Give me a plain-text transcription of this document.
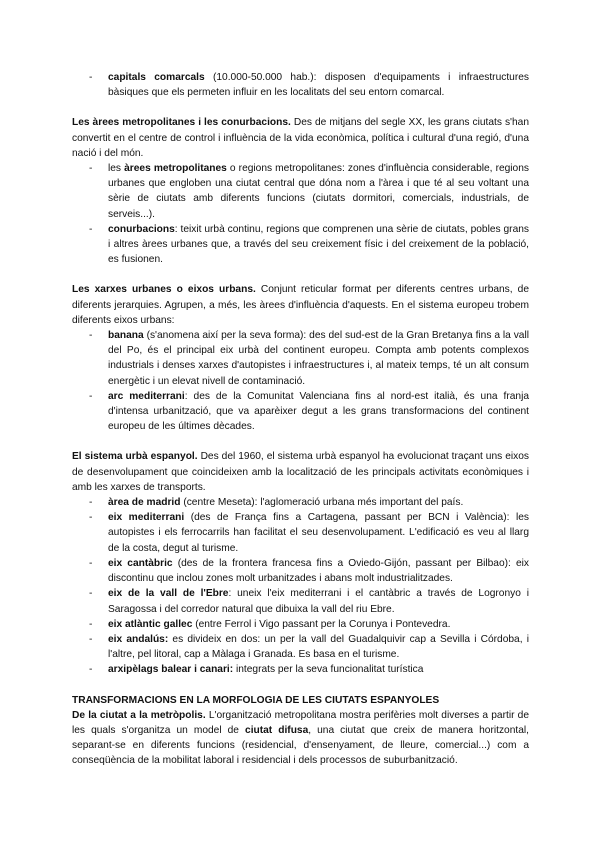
- capitals comarcals (10.000-50.000 hab.): disposen d'equipaments i infraestructures bàsiques que els permeten influir en les localitats del seu entorn comarcal.

Les àrees metropolitanes i les conurbacions. Des de mitjans del segle XX, les grans ciutats s'han convertit en el centre de control i influència de la vida econòmica, política i cultural d'una regió, d'una nació i del món.

- les àrees metropolitanes o regions metropolitanes: zones d'influència considerable, regions urbanes que engloben una ciutat central que dóna nom a l'àrea i que té al seu voltant una sèrie de ciutats amb diferents funcions (ciutats dormitori, comercials, industrials, de serveis...).
- conurbacions: teixit urbà continu, regions que comprenen una sèrie de ciutats, pobles grans i altres àrees urbanes que, a través del seu creixement físic i del creixement de la població, es fusionen.

Les xarxes urbanes o eixos urbans. Conjunt reticular format per diferents centres urbans, de diferents jerarquies. Agrupen, a més, les àrees d'influència d'aquests. En el sistema europeu trobem diferents eixos urbans:

- banana (s'anomena així per la seva forma): des del sud-est de la Gran Bretanya fins a la vall del Po, és el principal eix urbà del continent europeu. Compta amb potents complexos industrials i denses xarxes d'autopistes i infraestructures i, al mateix temps, té un alt consum energètic i un elevat nivell de contaminació.
- arc mediterrani: des de la Comunitat Valenciana fins al nord-est italià, és una franja d'intensa urbanització, que va aparèixer degut a les grans transformacions del continent europeu de les últimes dècades.

El sistema urbà espanyol. Des del 1960, el sistema urbà espanyol ha evolucionat traçant uns eixos de desenvolupament que coincideixen amb la localització de les principals activitats econòmiques i amb les xarxes de transports.

- àrea de madrid (centre Meseta): l'aglomeració urbana més important del país.
- eix mediterrani (des de França fins a Cartagena, passant per BCN i València): les autopistes i els ferrocarrils han facilitat el seu desenvolupament. L'edificació es veu al llarg de la costa, degut al turisme.
- eix cantàbric (des de la frontera francesa fins a Oviedo-Gijón, passant per Bilbao): eix discontinu que inclou zones molt urbanitzades i abans molt industrialitzades.
- eix de la vall de l'Ebre: uneix l'eix mediterrani i el cantàbric a través de Logronyo i Saragossa i del corredor natural que dibuixa la vall del riu Ebre.
- eix atlàntic gallec (entre Ferrol i Vigo passant per la Corunya i Pontevedra.
- eix andalús: es divideix en dos: un per la vall del Guadalquivir cap a Sevilla i Córdoba, i l'altre, pel litoral, cap a Màlaga i Granada. Es basa en el turisme.
- arxipèlags balear i canari: integrats per la seva funcionalitat turística

TRANSFORMACIONS EN LA MORFOLOGIA DE LES CIUTATS ESPANYOLES

De la ciutat a la metròpolis. L'organització metropolitana mostra perifèries molt diverses a partir de les quals s'organitza un model de ciutat difusa, una ciutat que creix de manera horitzontal, separant-se en diferents funcions (residencial, d'ensenyament, de lleure, comercial...) com a conseqüència de la mobilitat laboral i residencial i dels processos de suburbanització.
